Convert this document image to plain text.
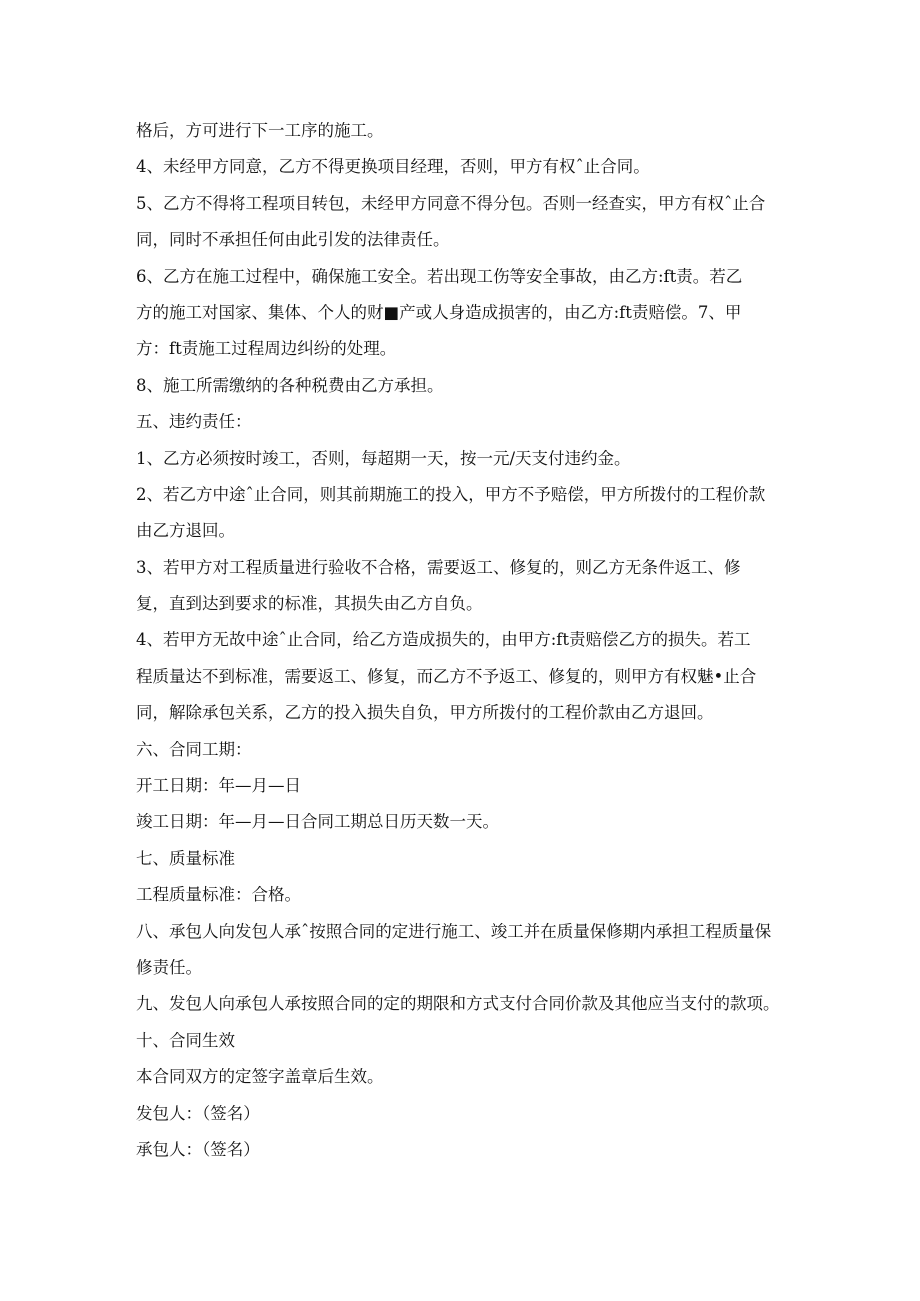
格后，方可进行下一工序的施工。
4、未经甲方同意，乙方不得更换项目经理，否则，甲方有权ˆ止合同。
5、乙方不得将工程项目转包，未经甲方同意不得分包。否则一经查实，甲方有权ˆ止合
同，同时不承担任何由此引发的法律责任。
6、乙方在施工过程中，确保施工安全。若出现工伤等安全事故，由乙方:ft责。若乙
方的施工对国家、集体、个人的财■产或人身造成损害的，由乙方:ft责赔偿。7、甲
方：ft责施工过程周边纠纷的处理。
8、施工所需缴纳的各种税费由乙方承担。
五、违约责任：
1、乙方必须按时竣工，否则，每超期一天，按一元/天支付违约金。
2、若乙方中途ˆ止合同，则其前期施工的投入，甲方不予赔偿，甲方所拨付的工程价款
由乙方退回。
3、若甲方对工程质量进行验收不合格，需要返工、修复的，则乙方无条件返工、修
复，直到达到要求的标准，其损失由乙方自负。
4、若甲方无故中途ˆ止合同，给乙方造成损失的，由甲方:ft责赔偿乙方的损失。若工
程质量达不到标准，需要返工、修复，而乙方不予返工、修复的，则甲方有权魅•止合
同，解除承包关系，乙方的投入损失自负，甲方所拨付的工程价款由乙方退回。
六、合同工期：
开工日期：年—月—日
竣工日期：年—月—日合同工期总日历天数一天。
七、质量标准
工程质量标准：合格。
八、承包人向发包人承ˆ按照合同的定进行施工、竣工并在质量保修期内承担工程质量保
修责任。
九、发包人向承包人承按照合同的定的期限和方式支付合同价款及其他应当支付的款项。
十、合同生效
本合同双方的定签字盖章后生效。
发包人：（签名）
承包人：（签名）
